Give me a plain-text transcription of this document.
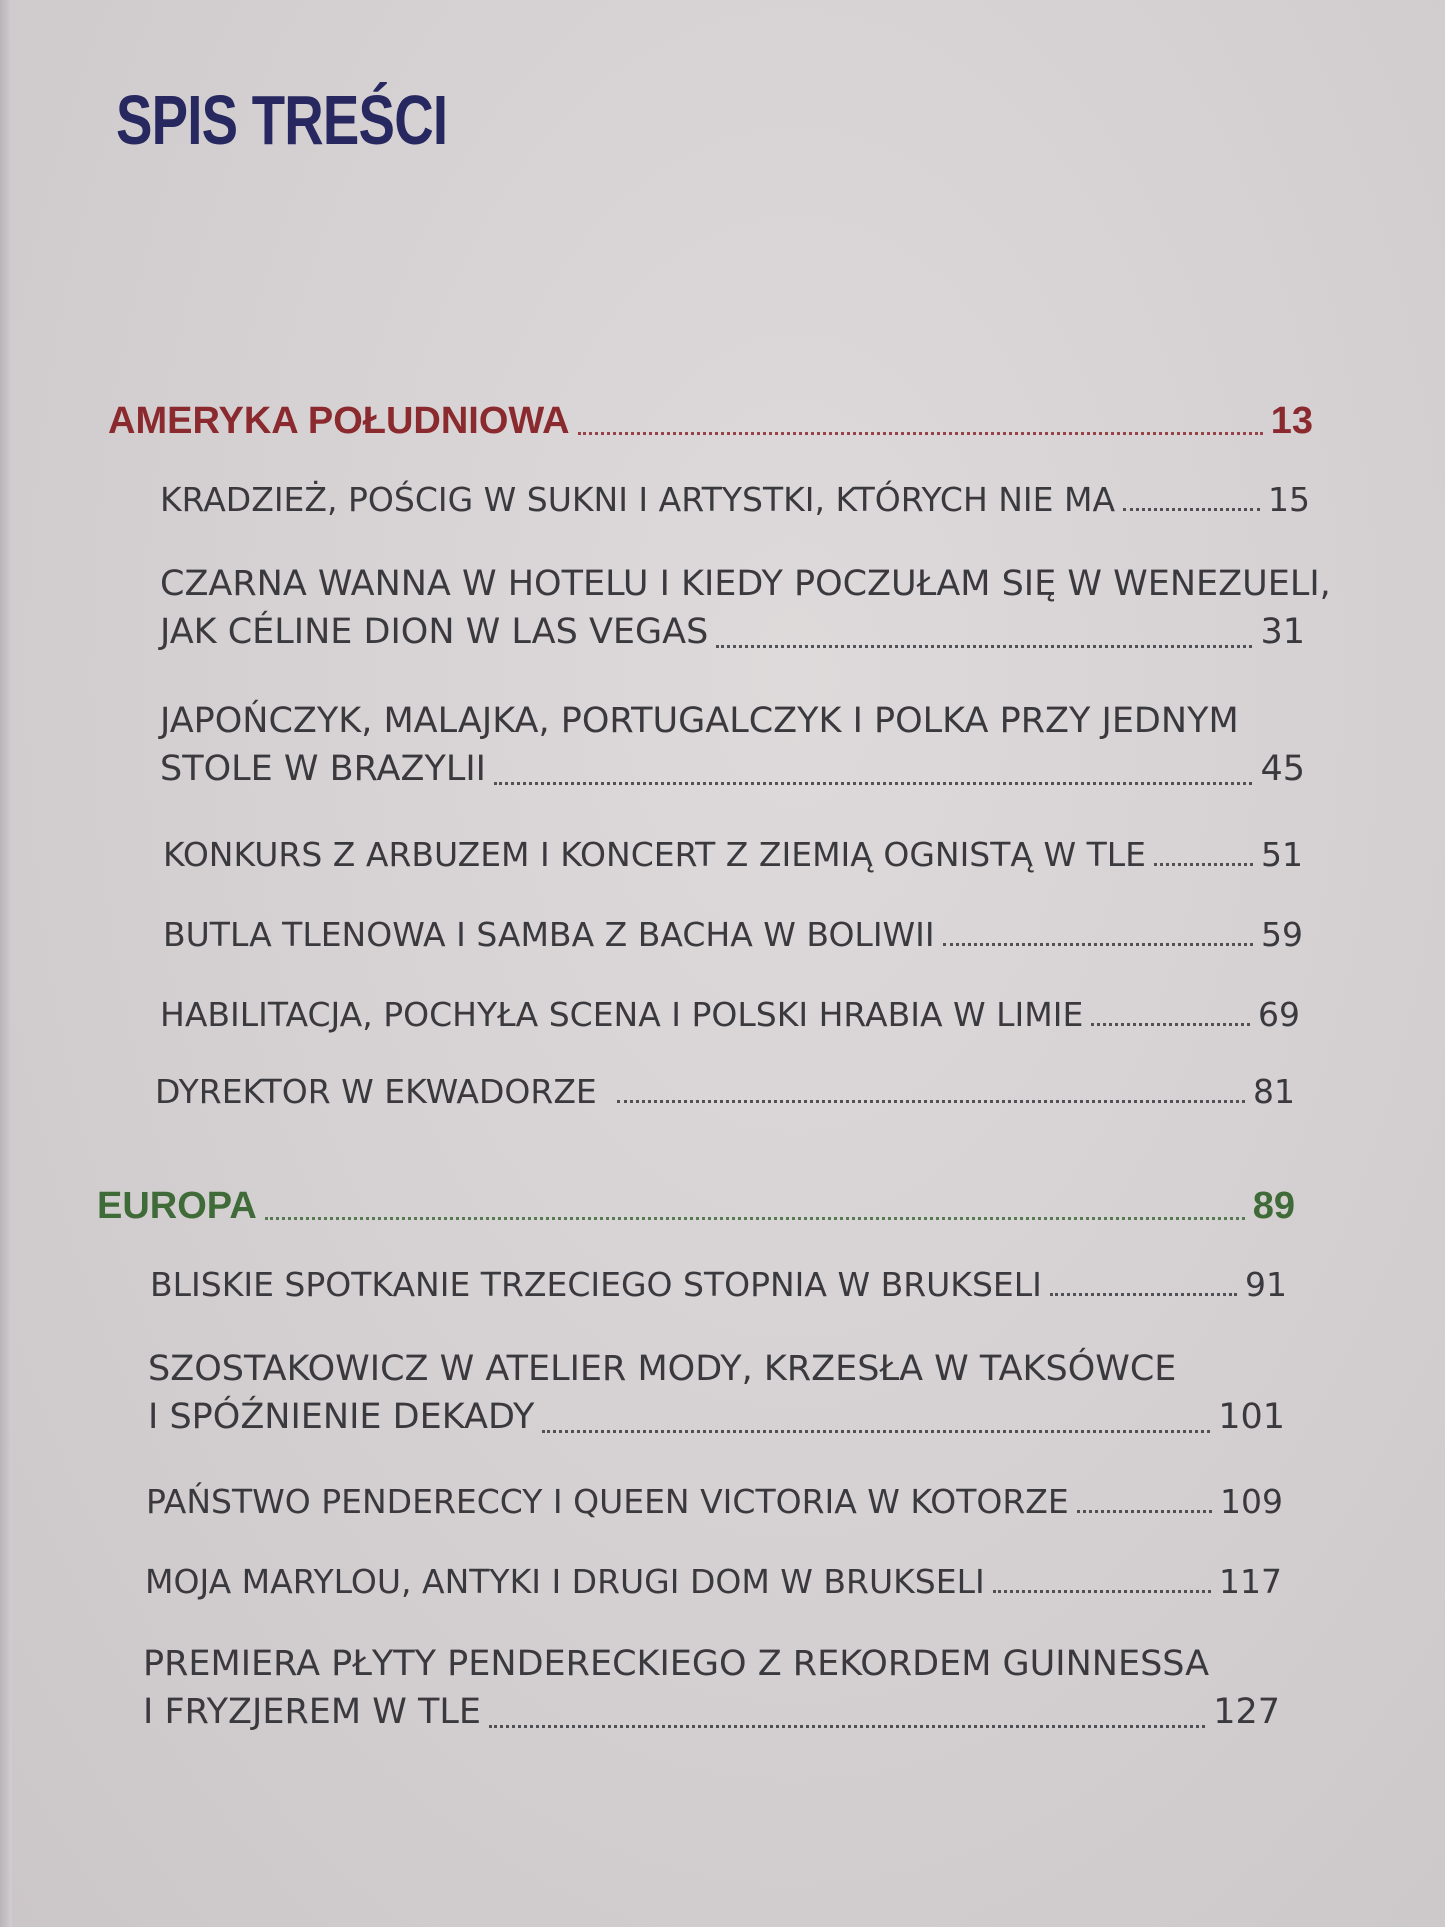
SPIS TREŚCI
AMERYKA POŁUDNIOWA	13
KRADZIEŻ, POŚCIG W SUKNI I ARTYSTKI, KTÓRYCH NIE MA	15
CZARNA WANNA W HOTELU I KIEDY POCZUŁAM SIĘ W WENEZUELI,
JAK CÉLINE DION W LAS VEGAS	31
JAPOŃCZYK, MALAJKA, PORTUGALCZYK I POLKA PRZY JEDNYM
STOLE W BRAZYLII	45
KONKURS Z ARBUZEM I KONCERT Z ZIEMIĄ OGNISTĄ W TLE	51
BUTLA TLENOWA I SAMBA Z BACHA W BOLIWII	59
HABILITACJA, POCHYŁA SCENA I POLSKI HRABIA W LIMIE	69
DYREKTOR W EKWADORZE	81
EUROPA	89
BLISKIE SPOTKANIE TRZECIEGO STOPNIA W BRUKSELI	91
SZOSTAKOWICZ W ATELIER MODY, KRZESŁA W TAKSÓWCE
I SPÓŹNIENIE DEKADY	101
PAŃSTWO PENDERECCY I QUEEN VICTORIA W KOTORZE	109
MOJA MARYLOU, ANTYKI I DRUGI DOM W BRUKSELI	117
PREMIERA PŁYTY PENDERECKIEGO Z REKORDEM GUINNESSA
I FRYZJEREM W TLE	127
